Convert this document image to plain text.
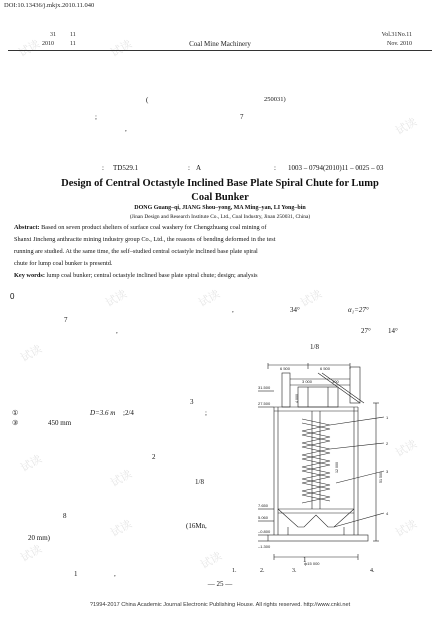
试读	试读
试读
试读	试读	试读
试读
试读
试读
试读
试读
试读
试读
试读
DOI:10.13436/j.mkjx.2010.11.040
31 11
2010	11	Coal Mine Machinery
Vol.31No.11
Nov. 2010
(	250031)
;	7
,
: TD529.1	: A	: 1003 – 0794(2010)11 – 0025 – 03
Design of Central Octastyle Inclined Base Plate Spiral Chute for Lump
Coal Bunker
DONG Guang–qi, JIANG Shou–yong, MA Ming–yan, LI Yong–bin
(Jinan Design and Research Institute Co., Ltd., Coal Industry, Jinan 250031, China)
Abstract: Based on seven product shelters of surface coal washery for Chengzhuang coal mining of
Shanxi Jincheng anthracite mining industry group Co., Ltd., the reasons of bending deformed in the test
running are studied. At the same time, the self–studied central octastyle inclined base plate spiral
chute for lump coal bunker is presentd.
Key words: lump coal bunker; central octastyle inclined base plate spiral chute; design; analysis
0
,	34°	α₁=27°
7
,	27° 14°
1/8
3
①	D=3.6 m ;2/4	;
③	450 mm
2
1/8
8
(16Mn,
20 mm)
1	,
6 500	6 500
3 000	300
31.500
27.500
7.650
5.060
–0.800
–1.300
ф15 000
1
2
3
4
51 500
12 000
4 000
1
1.	2.	3.	4.
— 25 —
?1994-2017 China Academic Journal Electronic Publishing House. All rights reserved. http://www.cnki.net
